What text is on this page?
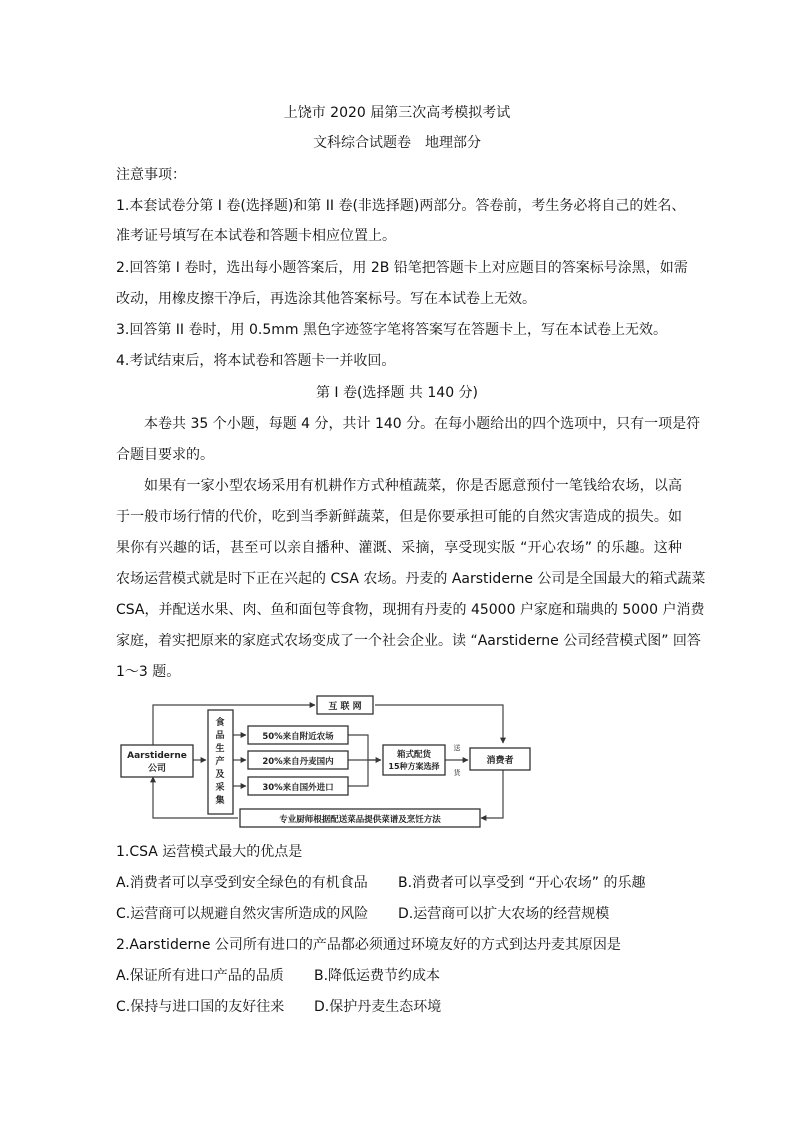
上饶市 2020 届第三次高考模拟考试
文科综合试题卷　地理部分
注意事项：
1.本套试卷分第 I 卷(选择题)和第 II 卷(非选择题)两部分。答卷前，考生务必将自己的姓名、
准考证号填写在本试卷和答题卡相应位置上。
2.回答第 I 卷时，选出每小题答案后，用 2B 铅笔把答题卡上对应题目的答案标号涂黑，如需
改动，用橡皮擦干净后，再选涂其他答案标号。写在本试卷上无效。
3.回答第 II 卷时，用 0.5mm 黑色字迹签字笔将答案写在答题卡上，写在本试卷上无效。
4.考试结束后，将本试卷和答题卡一并收回。
第 I 卷(选择题 共 140 分)
本卷共 35 个小题，每题 4 分，共计 140 分。在每小题给出的四个选项中，只有一项是符
合题目要求的。
如果有一家小型农场采用有机耕作方式种植蔬菜，你是否愿意预付一笔钱给农场，以高
于一般市场行情的代价，吃到当季新鲜蔬菜，但是你要承担可能的自然灾害造成的损失。如
果你有兴趣的话，甚至可以亲自播种、灌溉、采摘，享受现实版 “开心农场” 的乐趣。这种
农场运营模式就是时下正在兴起的 CSA 农场。丹麦的 Aarstiderne 公司是全国最大的箱式蔬菜
CSA，并配送水果、肉、鱼和面包等食物，现拥有丹麦的 45000 户家庭和瑞典的 5000 户消费
家庭，着实把原来的家庭式农场变成了一个社会企业。读 “Aarstiderne 公司经营模式图” 回答
1～3 题。
互 联 网
Aarstiderne
公司
食
品
生
产
及
采
集
50%来自附近农场
20%来自丹麦国内
30%来自国外进口
箱式配货
15种方案选择
送
货
消费者
专业厨师根据配送菜品提供菜谱及烹饪方法
1.CSA 运营模式最大的优点是
A.消费者可以享受到安全绿色的有机食品 B.消费者可以享受到 “开心农场” 的乐趣
C.运营商可以规避自然灾害所造成的风险 D.运营商可以扩大农场的经营规模
2.Aarstiderne 公司所有进口的产品都必须通过环境友好的方式到达丹麦其原因是
A.保证所有进口产品的品质 B.降低运费节约成本
C.保持与进口国的友好往来 D.保护丹麦生态环境
